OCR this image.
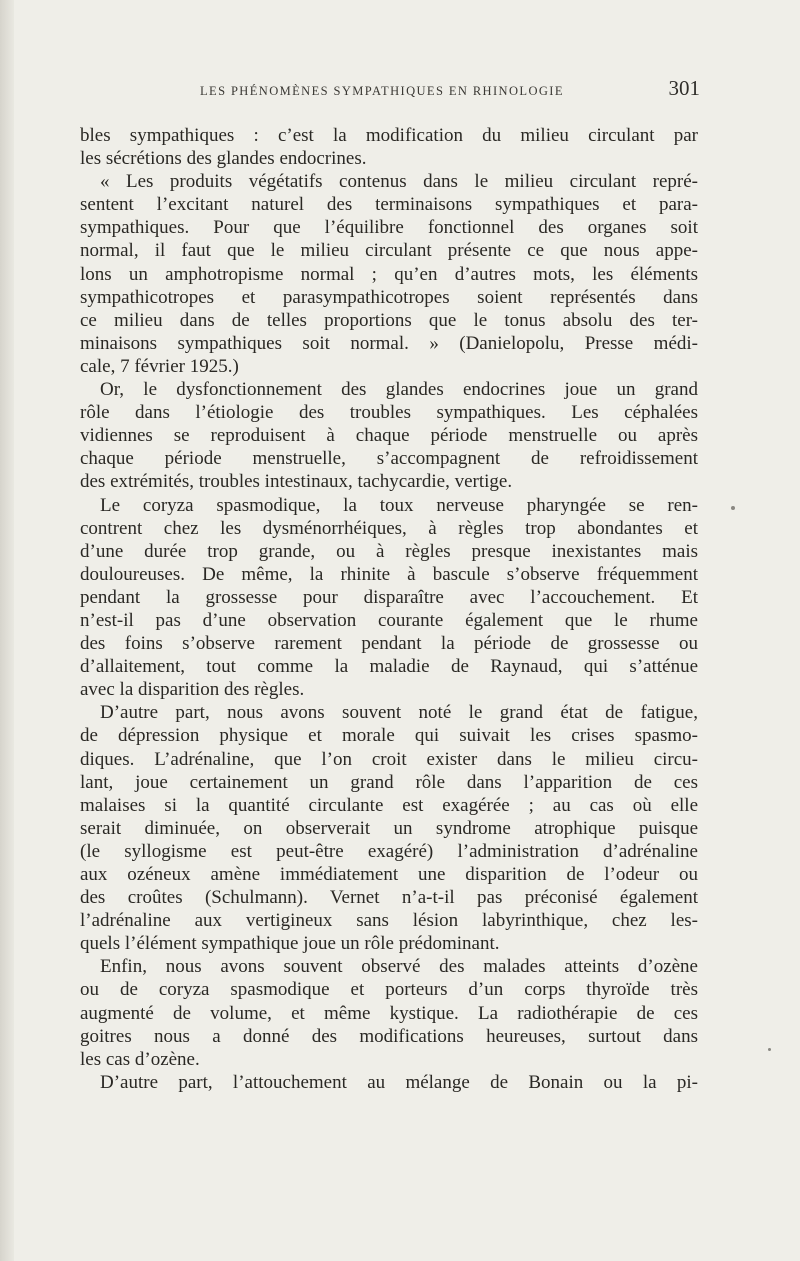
LES PHÉNOMÈNES SYMPATHIQUES EN RHINOLOGIE	301
bles sympathiques : c’est la modification du milieu circulant par
les sécrétions des glandes endocrines.
« Les produits végétatifs contenus dans le milieu circulant repré-
sentent l’excitant naturel des terminaisons sympathiques et para-
sympathiques. Pour que l’équilibre fonctionnel des organes soit
normal, il faut que le milieu circulant présente ce que nous appe-
lons un amphotropisme normal ; qu’en d’autres mots, les éléments
sympathicotropes et parasympathicotropes soient représentés dans
ce milieu dans de telles proportions que le tonus absolu des ter-
minaisons sympathiques soit normal. » (Danielopolu, Presse médi-
cale, 7 février 1925.)
Or, le dysfonctionnement des glandes endocrines joue un grand
rôle dans l’étiologie des troubles sympathiques. Les céphalées
vidiennes se reproduisent à chaque période menstruelle ou après
chaque période menstruelle, s’accompagnent de refroidissement
des extrémités, troubles intestinaux, tachycardie, vertige.
Le coryza spasmodique, la toux nerveuse pharyngée se ren-
contrent chez les dysménorrhéiques, à règles trop abondantes et
d’une durée trop grande, ou à règles presque inexistantes mais
douloureuses. De même, la rhinite à bascule s’observe fréquemment
pendant la grossesse pour disparaître avec l’accouchement. Et
n’est-il pas d’une observation courante également que le rhume
des foins s’observe rarement pendant la période de grossesse ou
d’allaitement, tout comme la maladie de Raynaud, qui s’atténue
avec la disparition des règles.
D’autre part, nous avons souvent noté le grand état de fatigue,
de dépression physique et morale qui suivait les crises spasmo-
diques. L’adrénaline, que l’on croit exister dans le milieu circu-
lant, joue certainement un grand rôle dans l’apparition de ces
malaises si la quantité circulante est exagérée ; au cas où elle
serait diminuée, on observerait un syndrome atrophique puisque
(le syllogisme est peut-être exagéré) l’administration d’adrénaline
aux ozéneux amène immédiatement une disparition de l’odeur ou
des croûtes (Schulmann). Vernet n’a-t-il pas préconisé également
l’adrénaline aux vertigineux sans lésion labyrinthique, chez les-
quels l’élément sympathique joue un rôle prédominant.
Enfin, nous avons souvent observé des malades atteints d’ozène
ou de coryza spasmodique et porteurs d’un corps thyroïde très
augmenté de volume, et même kystique. La radiothérapie de ces
goitres nous a donné des modifications heureuses, surtout dans
les cas d’ozène.
D’autre part, l’attouchement au mélange de Bonain ou la pi-
